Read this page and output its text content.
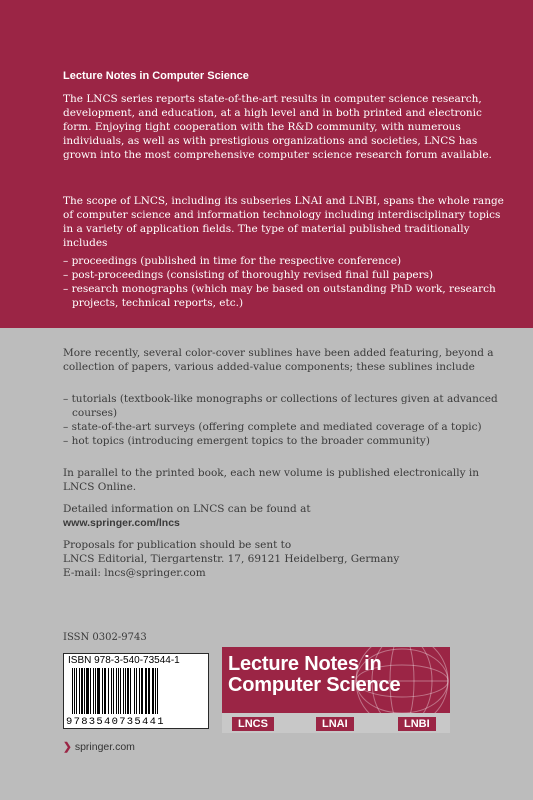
Lecture Notes in Computer Science
The LNCS series reports state-of-the-art results in computer science research, development, and education, at a high level and in both printed and electronic form. Enjoying tight cooperation with the R&D community, with numerous individuals, as well as with prestigious organizations and societies, LNCS has grown into the most comprehensive computer science research forum available.
The scope of LNCS, including its subseries LNAI and LNBI, spans the whole range of computer science and information technology including interdisciplinary topics in a variety of application fields. The type of material published traditionally includes
– proceedings (published in time for the respective conference)
– post-proceedings (consisting of thoroughly revised final full papers)
– research monographs (which may be based on outstanding PhD work, research projects, technical reports, etc.)
More recently, several color-cover sublines have been added featuring, beyond a collection of papers, various added-value components; these sublines include
– tutorials (textbook-like monographs or collections of lectures given at advanced courses)
– state-of-the-art surveys (offering complete and mediated coverage of a topic)
– hot topics (introducing emergent topics to the broader community)
In parallel to the printed book, each new volume is published electronically in LNCS Online.
Detailed information on LNCS can be found at
www.springer.com/lncs
Proposals for publication should be sent to
LNCS Editorial, Tiergartenstr. 17, 69121 Heidelberg, Germany
E-mail: lncs@springer.com
ISSN 0302-9743
ISBN 978-3-540-73544-1
9783540735441
Lecture Notes in
Computer Science
LNCS	LNAI	LNBI
❯ springer.com
